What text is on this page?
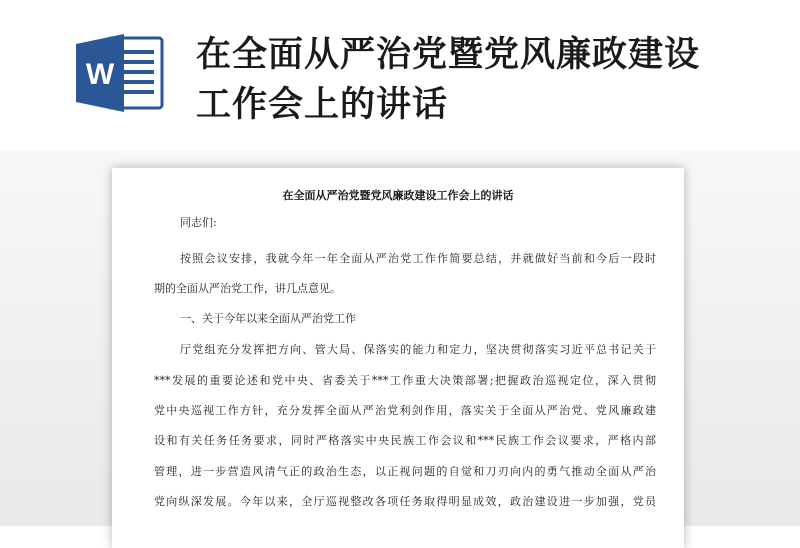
W 在全面从严治党暨党风廉政建设
工作会上的讲话
在全面从严治党暨党风廉政建设工作会上的讲话
同志们:
按照会议安排，我就今年一年全面从严治党工作作简要总结，并就做好当前和今后一段时
期的全面从严治党工作，讲几点意见。
一、关于今年以来全面从严治党工作
厅党组充分发挥把方向、管大局、保落实的能力和定力，坚决贯彻落实习近平总书记关于
***发展的重要论述和党中央、省委关于***工作重大决策部署;把握政治巡视定位，深入贯彻
党中央巡视工作方针，充分发挥全面从严治党利剑作用，落实关于全面从严治党、党风廉政建
设和有关任务任务要求，同时严格落实中央民族工作会议和***民族工作会议要求，严格内部
管理，进一步营造风清气正的政治生态，以正视问题的自觉和刀刃向内的勇气推动全面从严治
党向纵深发展。今年以来，全厅巡视整改各项任务取得明显成效，政治建设进一步加强，党员
